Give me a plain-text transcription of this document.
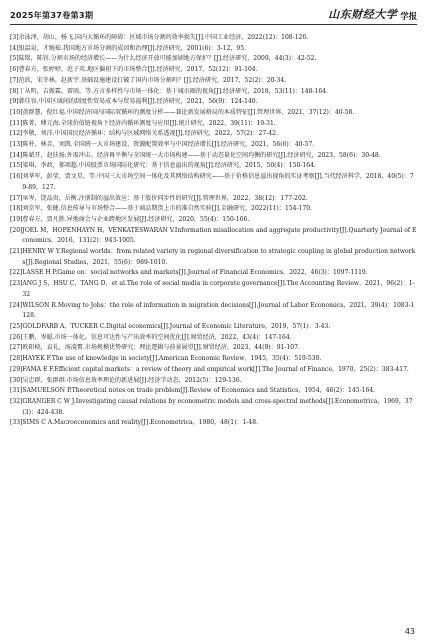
2025年第37卷第3期	山东财经大学 学报
[3] 余泳泽，胡山，杨飞.国内大循环的障碍：区域市场分割的效率损失[J].中国工业经济，2022(12)：108-126.
[4] 银温泉，才婉茹.我国地方市场分割的成因和治理[J].经济研究，2001(6)：3-12，95.
[5] 陆铭，陈钊.分割市场的经济增长——为什么经济开放可能加剧地方保护？[J].经济研究，2009，44(3)：42-52.
[6] 曹春方，张婷婷，范子英.地区偏袒下的市场整合[J].经济研究，2017，52(12)：91-104.
[7] 范欣，宋冬林，赵新宇.基础设施建设打破了国内市场分割吗？[J].经济研究，2017，52(2)：20-34.
[8] 丁从明，吉振霖，雷雨，等.方言多样性与市场一体化：基于城市圈的视角[J].经济研究，2018，53(11)：148-164.
[9] 韩佳容.中国区域间的制度性贸易成本与贸易福利[J].经济研究，2021，56(9)：124-140.
[10] 黄群慧，倪红福.中国经济国内国际双循环的测度分析——兼论新发展格局的本质特征[J].管理世界，2021，37(12)：40-58.
[11] 陈菁，傅元海.全球价值链视角下经济内循环测度与应用[J].统计研究，2022，39(11)：19-31.
[12] 李敬，刘洋.中国国民经济循环：结构与区域网络关系透视[J].经济研究，2022，57(2)：27-42.
[13] 陈朴，林垚，刘凯.全国统一大市场建设、资源配置效率与中国经济增长[J].经济研究，2021，56(6)：40-57.
[14] 陈斌开，赵扶扬.外需冲击、经济再平衡与全国统一大市场构建——基于动态量化空间均衡的研究[J].经济研究，2023，58(6)：30-48.
[15] 梁琪，李政，郝项超.中国股票市场国际化研究：基于信息溢出的视角[J].经济研究，2015，50(4)：150-164.
[16] 刘华军，彭莹，贾文星，等.中国三大市场空间一体化及其网络结构研究——基于价格信息溢出视角的实证考察[J].当代经济科学，2018，40(5)：79-89，127.
[17] 巫岑，饶品贵，岳衡.注册制的溢出效应：基于股价同步性的研究[J].管理世界，2022，38(12)：177-202.
[18] 刘京军，张健.信息传导与市场整合——基于商品期货上市的准自然实验[J].金融研究，2022(11)：154-170.
[19] 曹春方，贾凡胜.异地商会与企业跨地区发展[J].经济研究，2020，55(4)：150-166.
[20] JOEL M，HOPENHAYN H，VENKATESWARAN V.Information misallocation and aggregate productivity[J].Quarterly Journal of Economics，2016，131(2)：943-1005.
[21] HENRY W Y.Regional worlds：from related variety in regional diversification to strategic coupling in global production networks[J].Regional Studies，2021，55(6)：989-1010.
[22] LASSE H P.Game on：social networks and markets[J].Journal of Financial Economics，2022，46(3)：1097-1119.
[23] ANG J S，HSU C，TANG D，et al.The role of social media in corporate governance[J].The Accounting Review，2021，96(2)：1-32
[24] WILSON R.Moving to Jobs：the role of information in migration decisions[J].Journal of Labor Economics，2021，39(4)：1083-1128.
[25] GOLDFARB A，TUCKER C.Digital economics[J].Journal of Economic Literature，2019，57(1)：3-43.
[26] 王鹏，岑聪.市场一体化、信息可达性与产出效率的空间优化[J].财贸经济，2022，43(4)：147-164.
[27] 欧阳峣，袁礼，汤凌霄.市场规模优势研究：理论逻辑与前景展望[J].财贸经济，2023，44(9)：91-107.
[28] HAYEK F.The use of knowledge in society[J].American Economic Review，1945，35(4)：519-530.
[29] FAMA E F.Efficient capital markets：a review of theory and empirical work[J].The Journal of Finance，1970，25(2)：383-417.
[30] 吴忠群，张群群.市场信息效率理论的新进展[J].经济学动态，2012(5)：129-136.
[31] SAMUELSON P.Theoretical notes on trade problem[J].Review of Economics and Statistics，1954，46(2)：145-164.
[32] GRANGER C W J.Investigating causal relations by econometric models and cross-spectral methods[J].Econometrica，1969，37(3)：424-438.
[33] SIMS C A.Macroeconomics and reality[J].Econometrica，1980，48(1)：1-48.
43
